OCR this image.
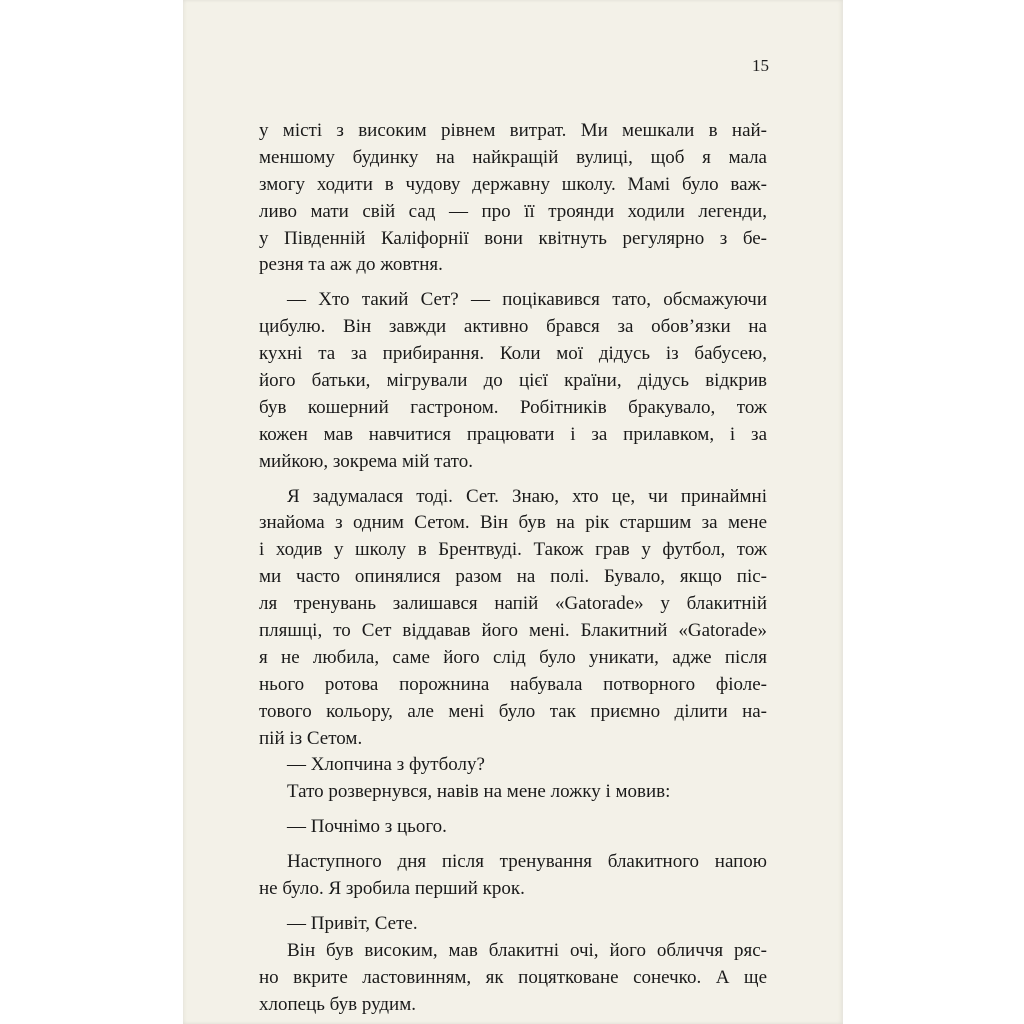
15
у місті з високим рівнем витрат. Ми мешкали в най-
меншому будинку на найкращій вулиці, щоб я мала
змогу ходити в чудову державну школу. Мамі було важ-
ливо мати свій сад — про її троянди ходили легенди,
у Південній Каліфорнії вони квітнуть регулярно з бе-
резня та аж до жовтня.
— Хто такий Сет? — поцікавився тато, обсмажуючи
цибулю. Він завжди активно брався за обов’язки на
кухні та за прибирання. Коли мої дідусь із бабусею,
його батьки, мігрували до цієї країни, дідусь відкрив
був кошерний гастроном. Робітників бракувало, тож
кожен мав навчитися працювати і за прилавком, і за
мийкою, зокрема мій тато.
Я задумалася тоді. Сет. Знаю, хто це, чи принаймні
знайома з одним Сетом. Він був на рік старшим за мене
і ходив у школу в Брентвуді. Також грав у футбол, тож
ми часто опинялися разом на полі. Бувало, якщо піс-
ля тренувань залишався напій «Gatorade» у блакитній
пляшці, то Сет віддавав його мені. Блакитний «Gatorade»
я не любила, саме його слід було уникати, адже після
нього ротова порожнина набувала потворного фіоле-
тового кольору, але мені було так приємно ділити на-
пій із Сетом.
— Хлопчина з футболу?
Тато розвернувся, навів на мене ложку і мовив:
— Почнімо з цього.
Наступного дня після тренування блакитного напою
не було. Я зробила перший крок.
— Привіт, Сете.
Він був високим, мав блакитні очі, його обличчя ряс-
но вкрите ластовинням, як поцятковане сонечко. А ще
хлопець був рудим.
